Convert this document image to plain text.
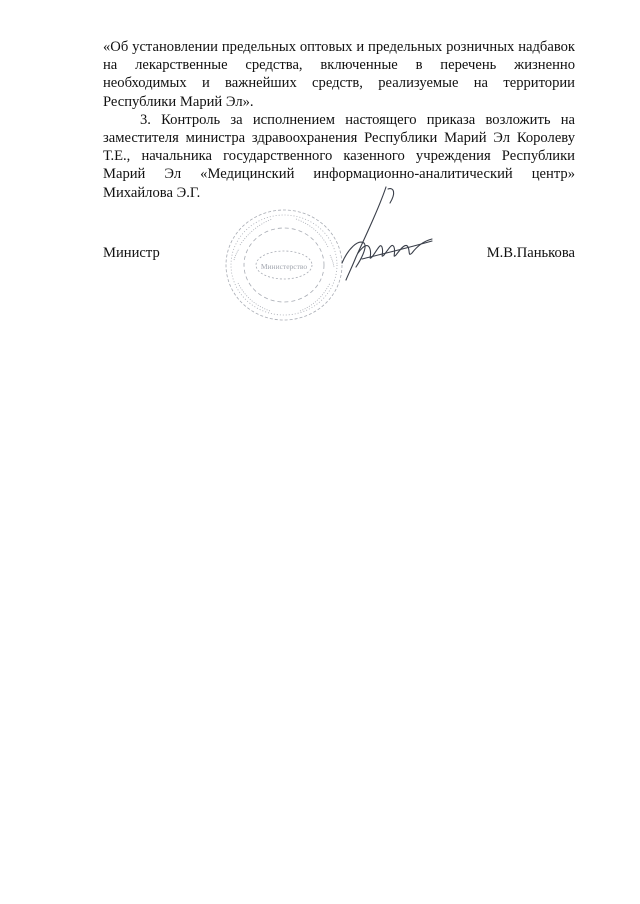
«Об установлении предельных оптовых и предельных розничных надбавок на лекарственные средства, включенные в перечень жизненно необходимых и важнейших средств, реализуемые на территории Республики Марий Эл».

3. Контроль за исполнением настоящего приказа возложить на заместителя министра здравоохранения Республики Марий Эл Королеву Т.Е., начальника государственного казенного учреждения Республики Марий Эл «Медицинский информационно-аналитический центр» Михайлова Э.Г.

Министерство
Министр	М.В.Панькова
